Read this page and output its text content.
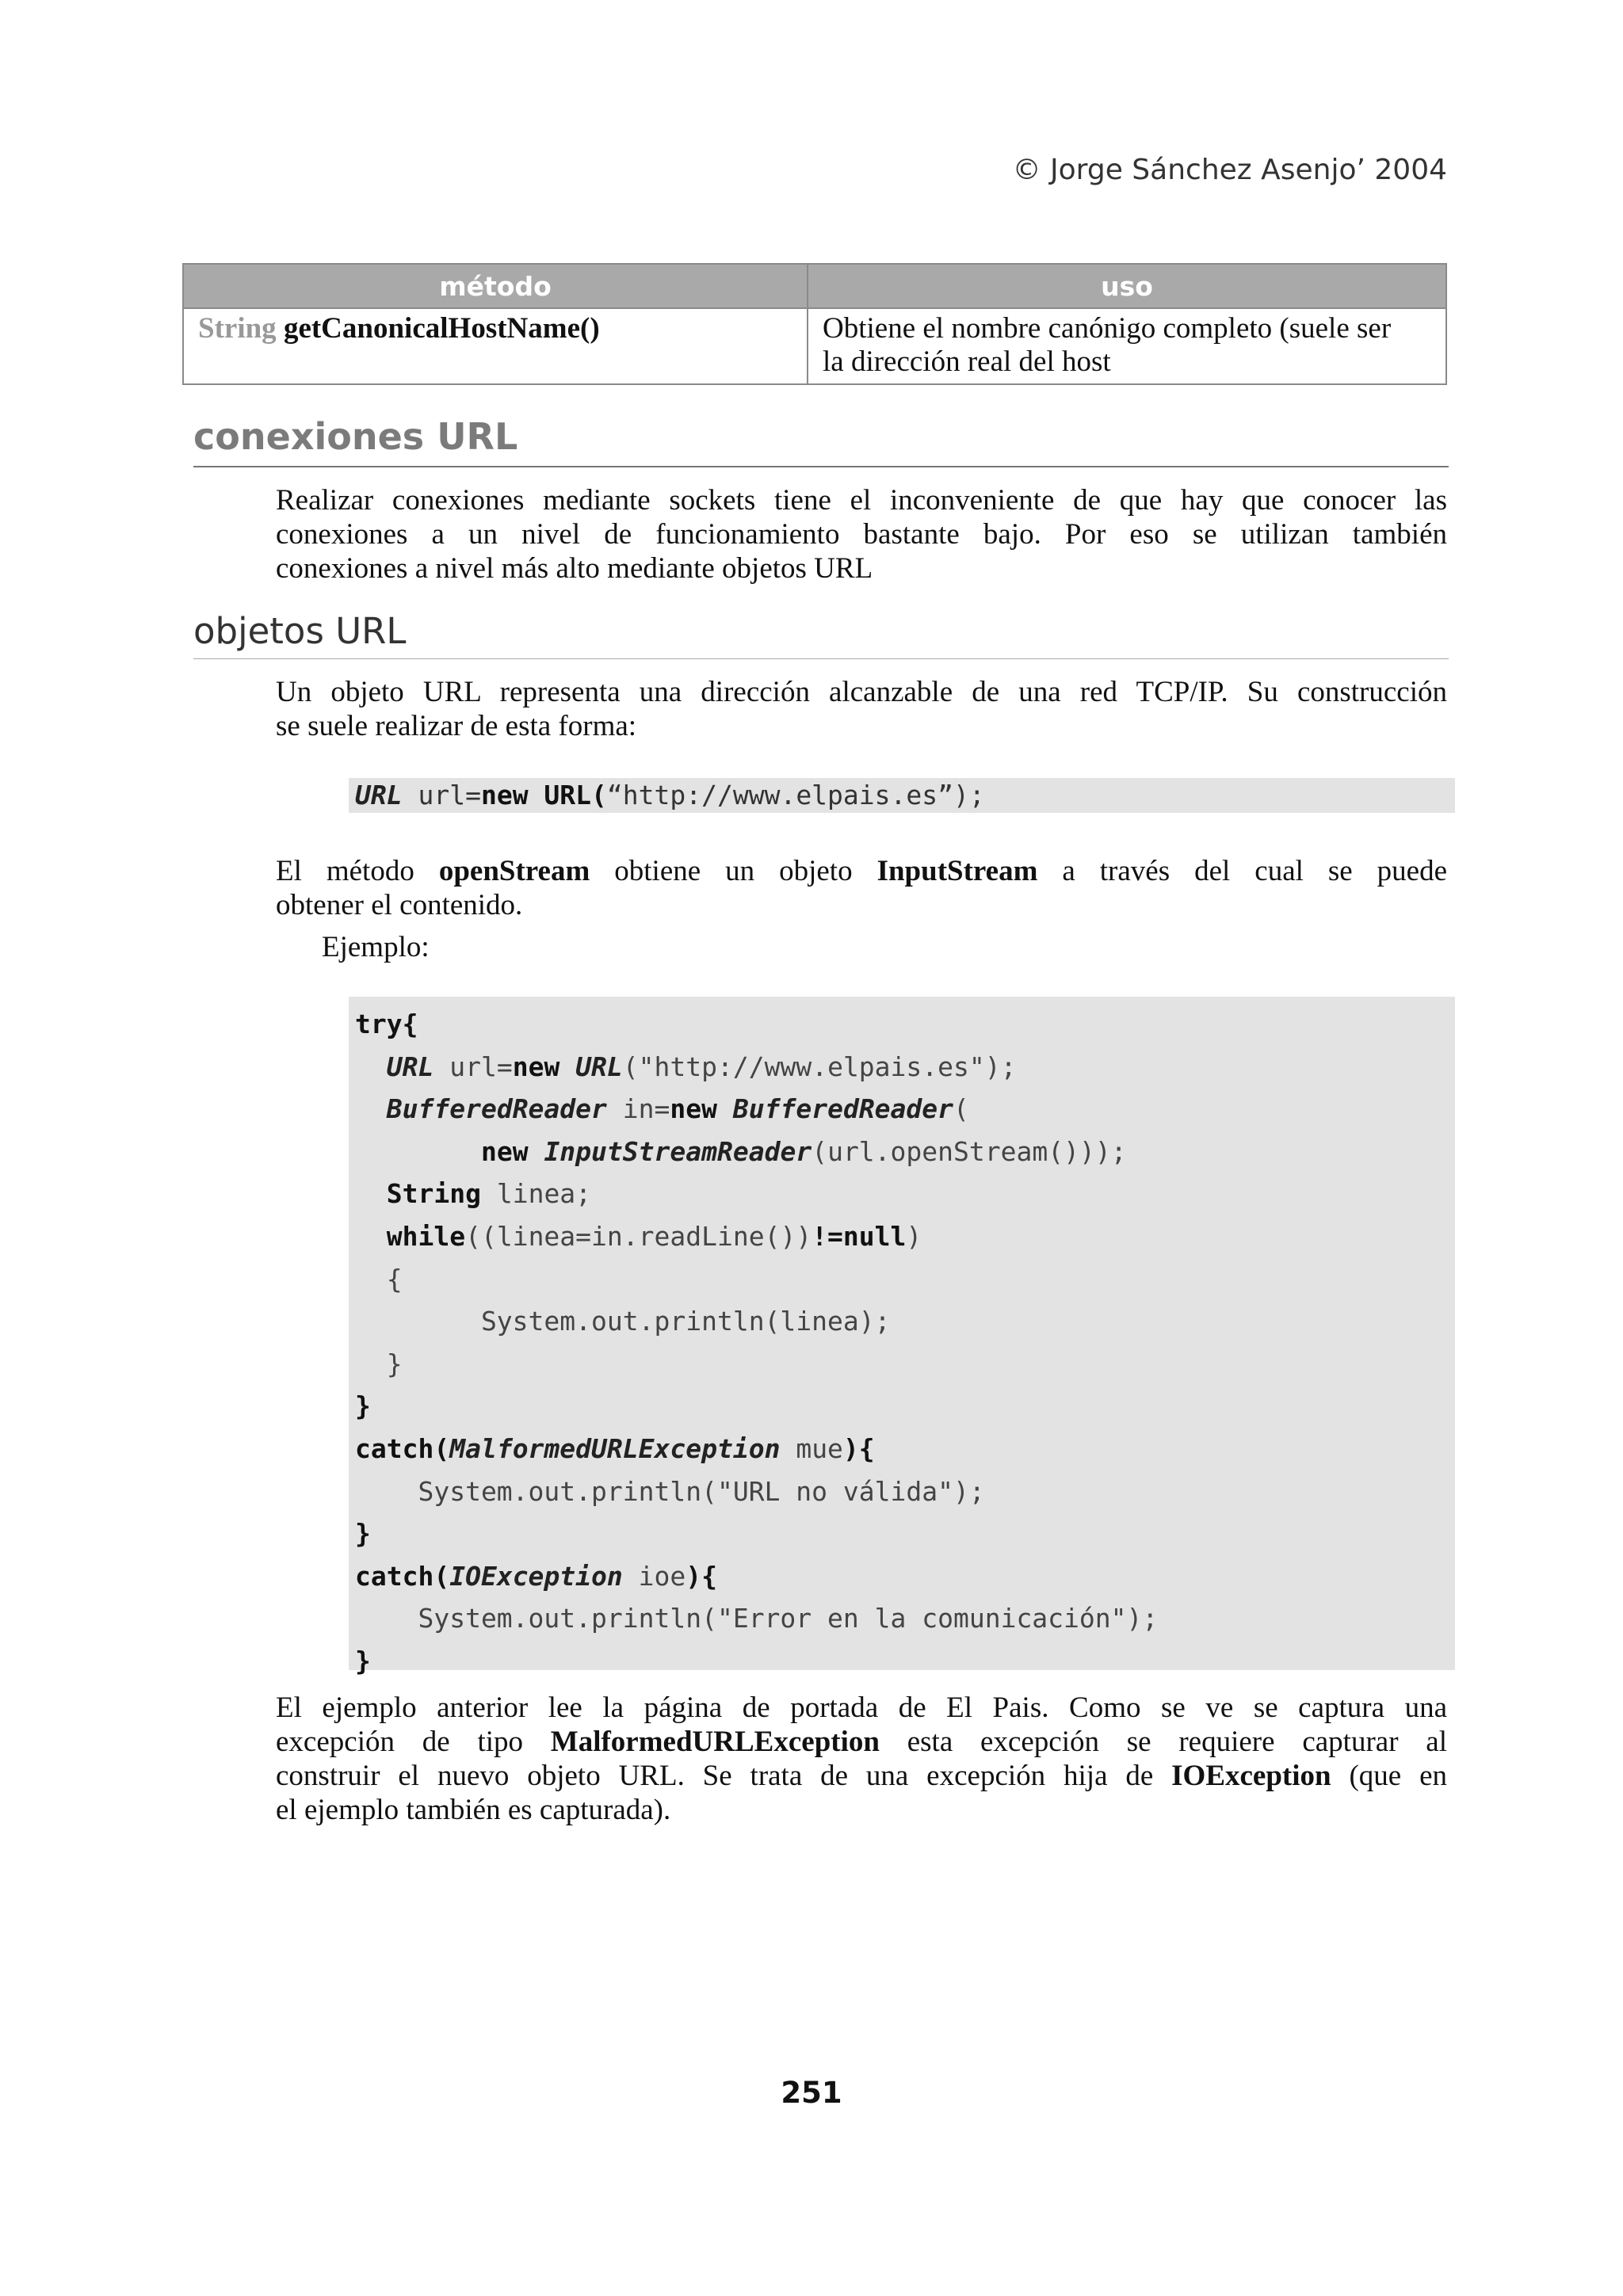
© Jorge Sánchez Asenjo’ 2004
método	uso
String getCanonicalHostName()	Obtiene el nombre canónigo completo (suele ser
la dirección real del host
conexiones URL
Realizar conexiones mediante sockets tiene el inconveniente de que hay que conocer las
conexiones a un nivel de funcionamiento bastante bajo. Por eso se utilizan también
conexiones a nivel más alto mediante objetos URL
objetos URL
Un objeto URL representa una dirección alcanzable de una red TCP/IP. Su construcción
se suele realizar de esta forma:
URL url=new URL(“http://www.elpais.es”);
El método openStream obtiene un objeto InputStream a través del cual se puede
obtener el contenido.
Ejemplo:
try{
URL url=new URL("http://www.elpais.es");
BufferedReader in=new BufferedReader(
new InputStreamReader(url.openStream()));
String linea;
while((linea=in.readLine())!=null)
{
System.out.println(linea);
}
}
catch(MalformedURLException mue){
System.out.println("URL no válida");
}
catch(IOException ioe){
System.out.println("Error en la comunicación");
}
El ejemplo anterior lee la página de portada de El Pais. Como se ve se captura una
excepción de tipo MalformedURLException esta excepción se requiere capturar al
construir el nuevo objeto URL. Se trata de una excepción hija de IOException (que en
el ejemplo también es capturada).
251
